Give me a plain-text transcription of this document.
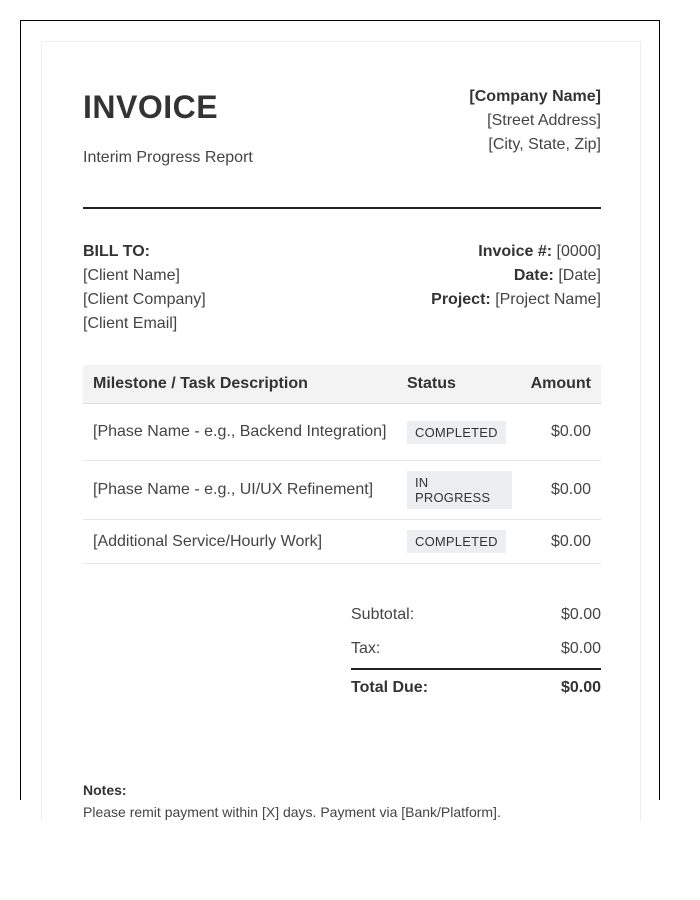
INVOICE
Interim Progress Report
[Company Name]
[Street Address]
[City, State, Zip]
BILL TO:
[Client Name]
[Client Company]
[Client Email]
Invoice #: [0000]
Date: [Date]
Project: [Project Name]
Milestone / Task Description	Status	Amount
[Phase Name - e.g., Backend Integration]	COMPLETED	$0.00
[Phase Name - e.g., UI/UX Refinement]	IN PROGRESS	$0.00
[Additional Service/Hourly Work]	COMPLETED	$0.00
Subtotal:	$0.00
Tax:	$0.00
Total Due:	$0.00
Notes:
Please remit payment within [X] days. Payment via [Bank/Platform].
